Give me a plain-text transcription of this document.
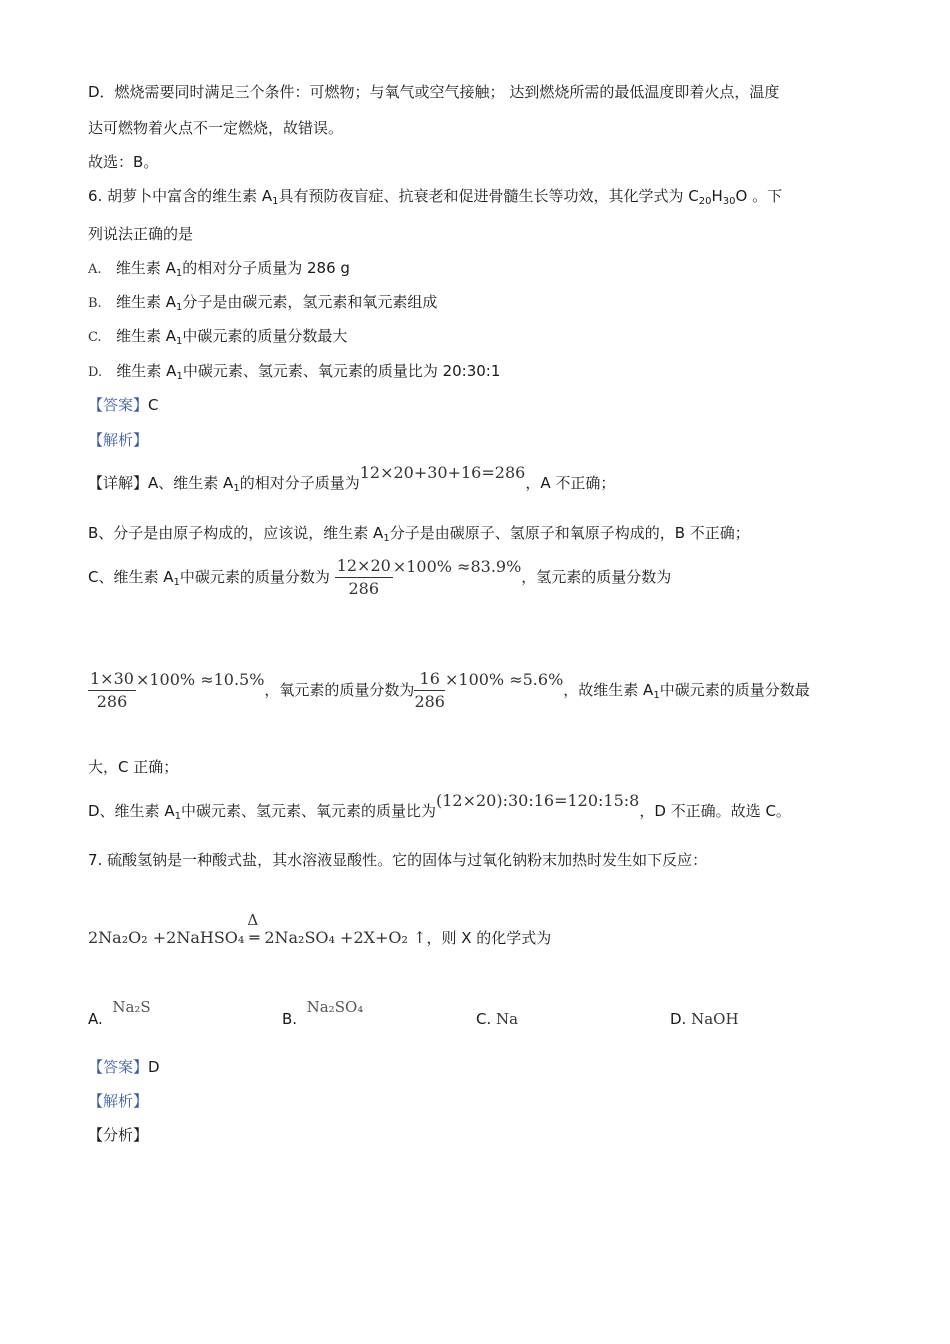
D．燃烧需要同时满足三个条件：可燃物；与氧气或空气接触； 达到燃烧所需的最低温度即着火点，温度
达可燃物着火点不一定燃烧，故错误。
故选：B。
6. 胡萝卜中富含的维生素 $A_1$具有预防夜盲症、抗衰老和促进骨髓生长等功效，其化学式为 $C_{20}H_{30}O$ 。下
列说法正确的是
A. 维生素 $A_1$的相对分子质量为 286 g
B. 维生素 $A_1$分子是由碳元素，氢元素和氧元素组成
C. 维生素 $A_1$中碳元素的质量分数最大
D. 维生素 $A_1$中碳元素、氢元素、氧元素的质量比为 20:30:1
【答案】C
【解析】
【详解】A、维生素 $A_1$的相对分子质量为12×20+30+16=286，A 不正确；
B、分子是由原子构成的，应该说，维生素 $A_1$分子是由碳原子、氢原子和氧原子构成的，B 不正确；
C、维生素 $A_1$中碳元素的质量分数为 $\frac{12\times 20}{286} \times 100\% \approx 83.9\%$，氢元素的质量分数为
$\frac{1\times 30}{286} \times 100\% \approx 10.5\%$，氧元素的质量分数为 $\frac{16}{286} \times 100\% \approx 5.6\%$，故维生素 $A_1$中碳元素的质量分数最
大，C 正确；
D、维生素 $A_1$中碳元素、氢元素、氧元素的质量比为(12×20):30:16=120:15:8，D 不正确。故选 C。
7. 硫酸氢钠是一种酸式盐，其水溶液显酸性。它的固体与过氧化钠粉末加热时发生如下反应：
2Na₂O₂ +2NaHSO₄
Δ
═ 2Na₂SO₄ +2X+O₂ ↑，则 X 的化学式为
A.  Na₂S
B.  Na₂SO₄
C. Na	D. NaOH
【答案】D
【解析】
【分析】
